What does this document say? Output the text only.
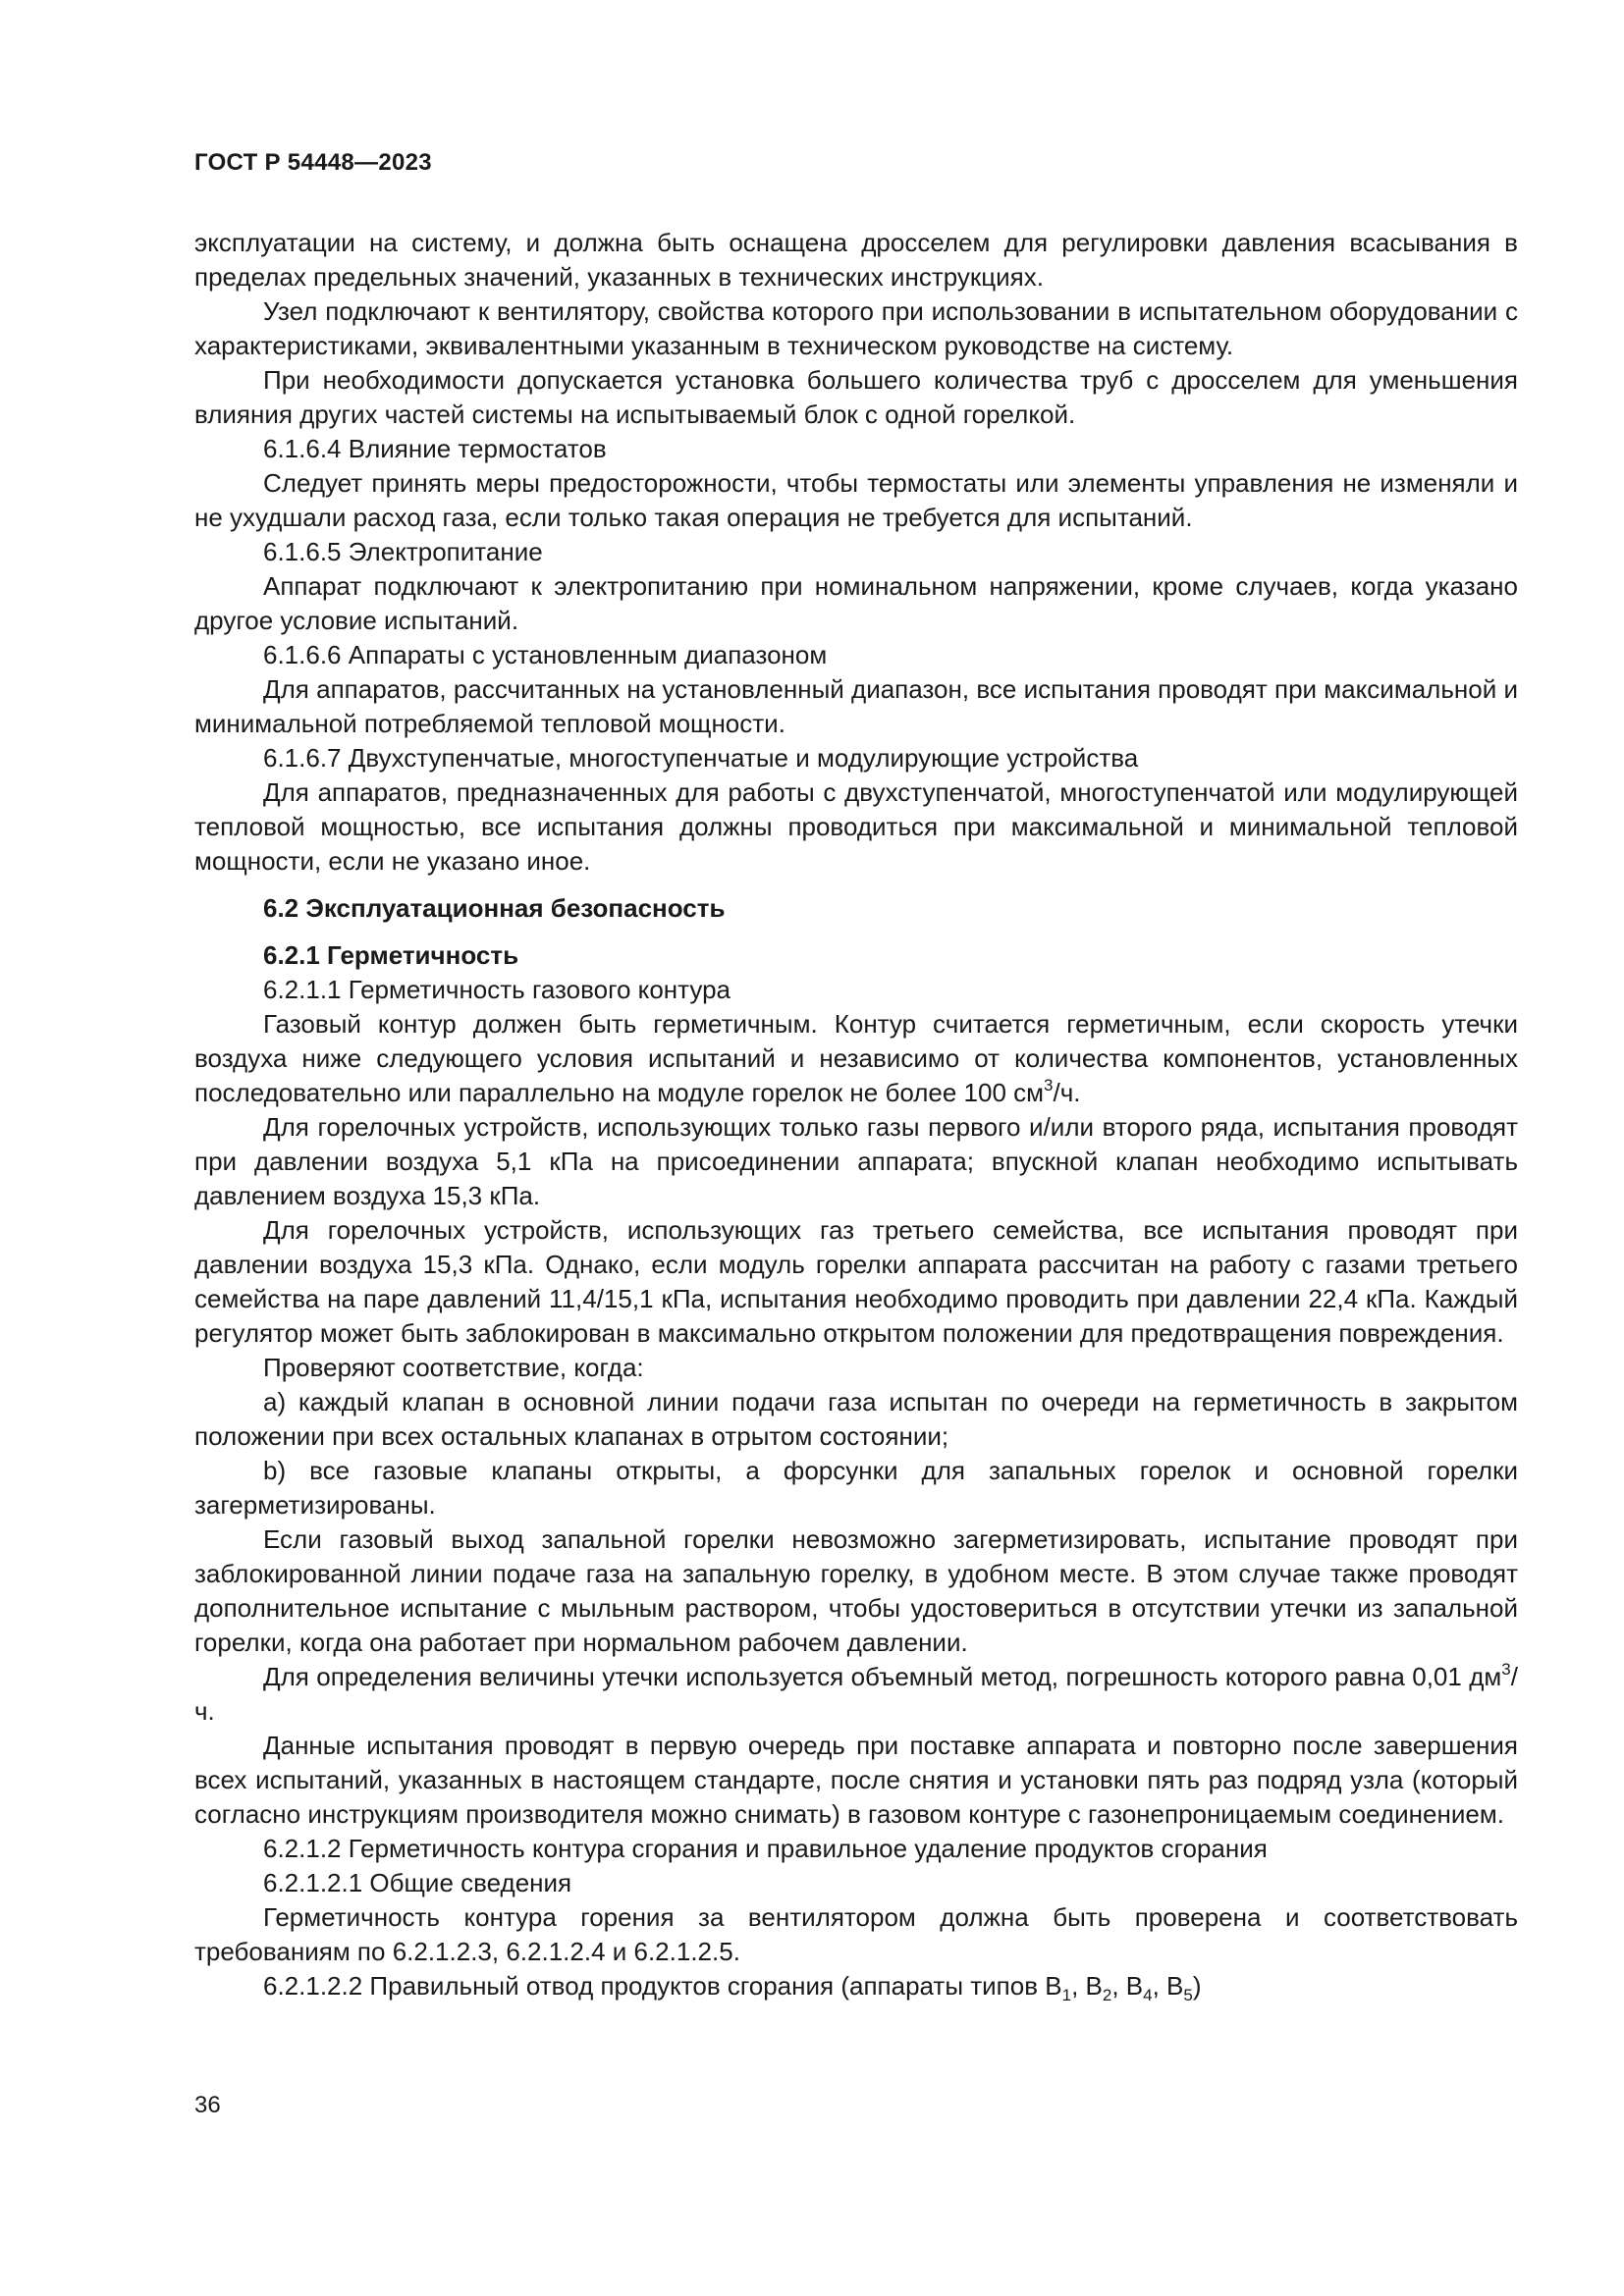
ГОСТ Р 54448—2023

эксплуатации на систему, и должна быть оснащена дросселем для регулировки давления всасывания в пределах предельных значений, указанных в технических инструкциях.

Узел подключают к вентилятору, свойства которого при использовании в испытательном оборудовании с характеристиками, эквивалентными указанным в техническом руководстве на систему.

При необходимости допускается установка большего количества труб с дросселем для уменьшения влияния других частей системы на испытываемый блок с одной горелкой.

6.1.6.4 Влияние термостатов

Следует принять меры предосторожности, чтобы термостаты или элементы управления не изменяли и не ухудшали расход газа, если только такая операция не требуется для испытаний.

6.1.6.5 Электропитание

Аппарат подключают к электропитанию при номинальном напряжении, кроме случаев, когда указано другое условие испытаний.

6.1.6.6 Аппараты с установленным диапазоном

Для аппаратов, рассчитанных на установленный диапазон, все испытания проводят при максимальной и минимальной потребляемой тепловой мощности.

6.1.6.7 Двухступенчатые, многоступенчатые и модулирующие устройства

Для аппаратов, предназначенных для работы с двухступенчатой, многоступенчатой или модулирующей тепловой мощностью, все испытания должны проводиться при максимальной и минимальной тепловой мощности, если не указано иное.

6.2 Эксплуатационная безопасность

6.2.1 Герметичность

6.2.1.1 Герметичность газового контура

Газовый контур должен быть герметичным. Контур считается герметичным, если скорость утечки воздуха ниже следующего условия испытаний и независимо от количества компонентов, установленных последовательно или параллельно на модуле горелок не более 100 $см^3/ч$.

Для горелочных устройств, использующих только газы первого и/или второго ряда, испытания проводят при давлении воздуха 5,1 кПа на присоединении аппарата; впускной клапан необходимо испытывать давлением воздуха 15,3 кПа.

Для горелочных устройств, использующих газ третьего семейства, все испытания проводят при давлении воздуха 15,3 кПа. Однако, если модуль горелки аппарата рассчитан на работу с газами третьего семейства на паре давлений 11,4/15,1 кПа, испытания необходимо проводить при давлении 22,4 кПа. Каждый регулятор может быть заблокирован в максимально открытом положении для предотвращения повреждения.

Проверяют соответствие, когда:

a) каждый клапан в основной линии подачи газа испытан по очереди на герметичность в закрытом положении при всех остальных клапанах в отрытом состоянии;

b) все газовые клапаны открыты, а форсунки для запальных горелок и основной горелки загерметизированы.

Если газовый выход запальной горелки невозможно загерметизировать, испытание проводят при заблокированной линии подаче газа на запальную горелку, в удобном месте. В этом случае также проводят дополнительное испытание с мыльным раствором, чтобы удостовериться в отсутствии утечки из запальной горелки, когда она работает при нормальном рабочем давлении.

Для определения величины утечки используется объемный метод, погрешность которого равна 0,01 $дм^3/ч$.

Данные испытания проводят в первую очередь при поставке аппарата и повторно после завершения всех испытаний, указанных в настоящем стандарте, после снятия и установки пять раз подряд узла (который согласно инструкциям производителя можно снимать) в газовом контуре с газонепроницаемым соединением.

6.2.1.2 Герметичность контура сгорания и правильное удаление продуктов сгорания

6.2.1.2.1 Общие сведения

Герметичность контура горения за вентилятором должна быть проверена и соответствовать требованиям по 6.2.1.2.3, 6.2.1.2.4 и 6.2.1.2.5.

6.2.1.2.2 Правильный отвод продуктов сгорания (аппараты типов $B_1$, $B_2$, $B_4$, $B_5$)

36
